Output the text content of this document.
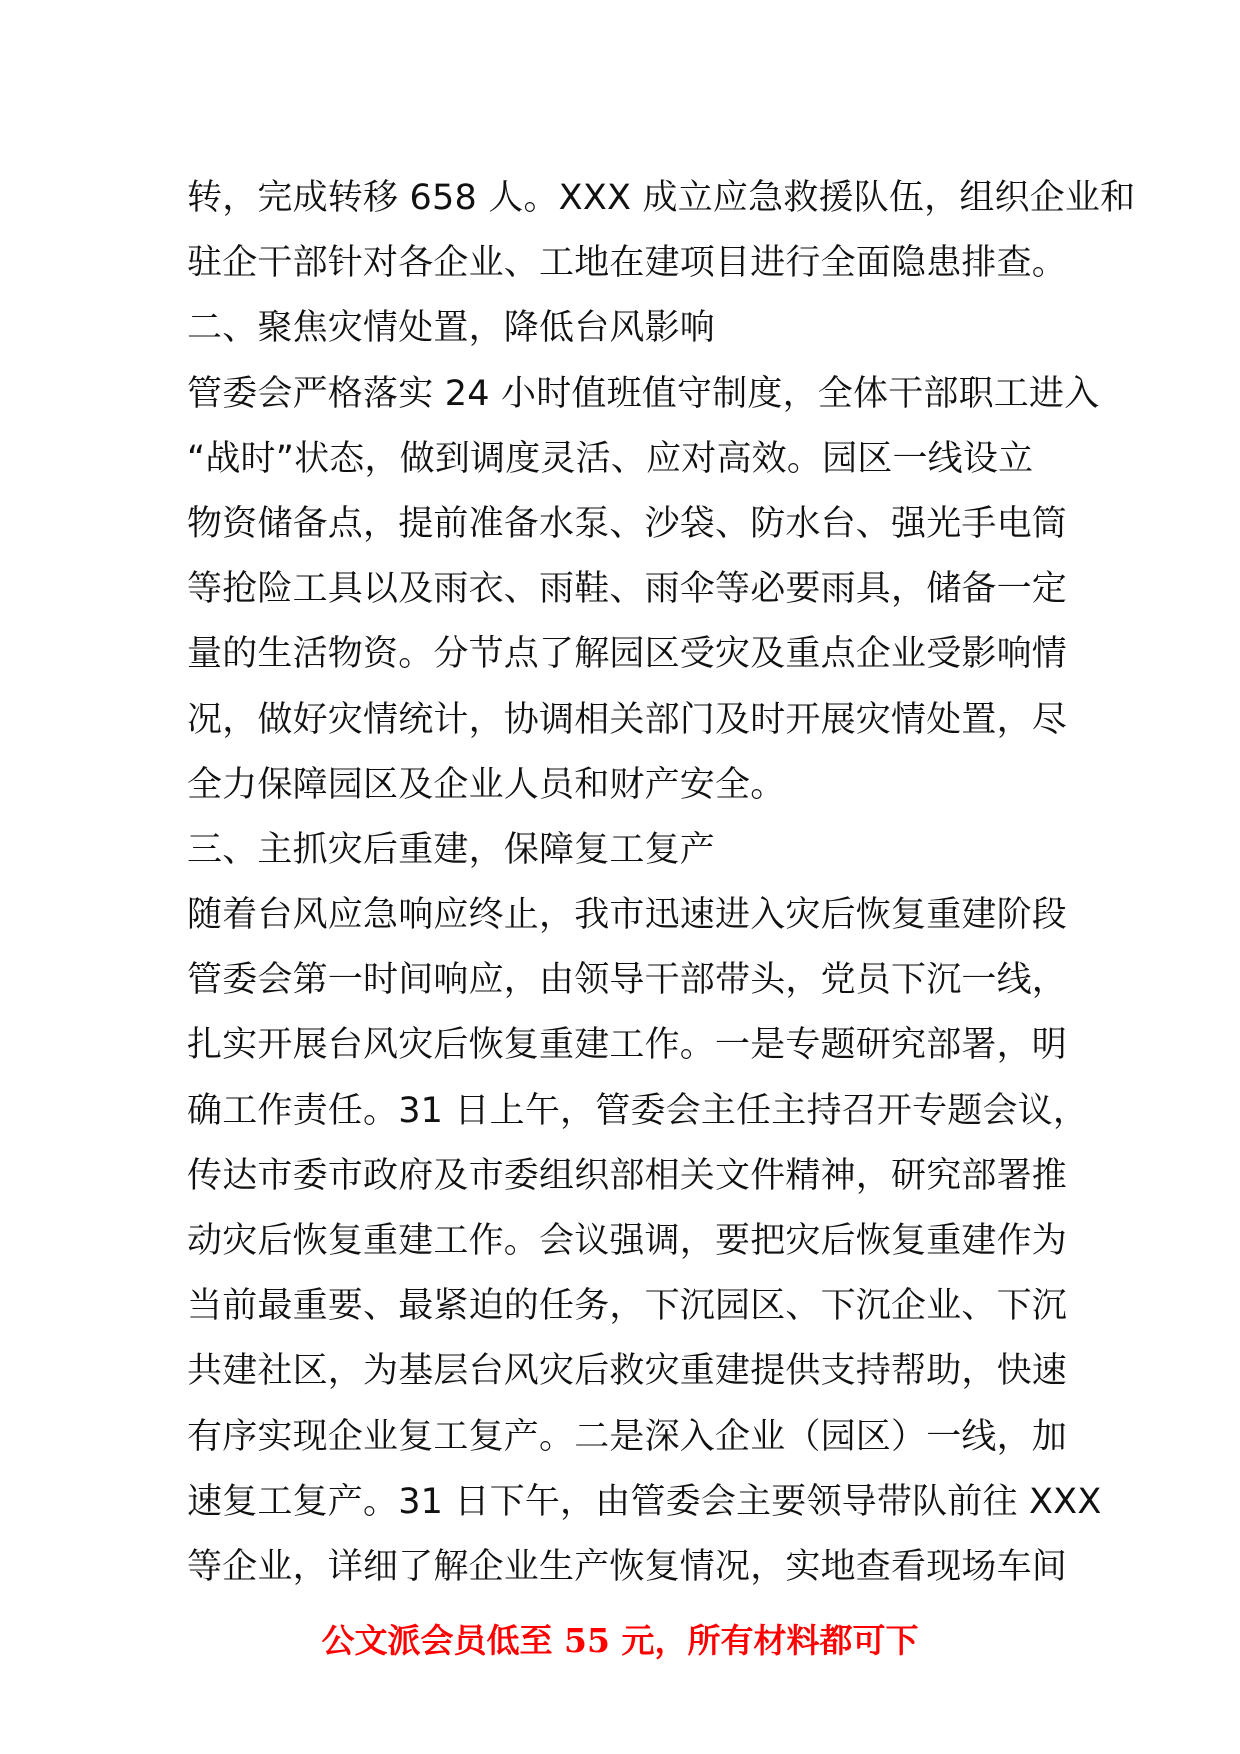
转，完成转移 658 人。XXX 成立应急救援队伍，组织企业和
驻企干部针对各企业、工地在建项目进行全面隐患排查。
二、聚焦灾情处置，降低台风影响
管委会严格落实 24 小时值班值守制度，全体干部职工进入
“战时”状态，做到调度灵活、应对高效。园区一线设立
物资储备点，提前准备水泵、沙袋、防水台、强光手电筒
等抢险工具以及雨衣、雨鞋、雨伞等必要雨具，储备一定
量的生活物资。分节点了解园区受灾及重点企业受影响情
况，做好灾情统计，协调相关部门及时开展灾情处置，尽
全力保障园区及企业人员和财产安全。
三、主抓灾后重建，保障复工复产
随着台风应急响应终止，我市迅速进入灾后恢复重建阶段
管委会第一时间响应，由领导干部带头，党员下沉一线，
扎实开展台风灾后恢复重建工作。一是专题研究部署，明
确工作责任。31 日上午，管委会主任主持召开专题会议，
传达市委市政府及市委组织部相关文件精神，研究部署推
动灾后恢复重建工作。会议强调，要把灾后恢复重建作为
当前最重要、最紧迫的任务，下沉园区、下沉企业、下沉
共建社区，为基层台风灾后救灾重建提供支持帮助，快速
有序实现企业复工复产。二是深入企业（园区）一线，加
速复工复产。31 日下午，由管委会主要领导带队前往 XXX
等企业，详细了解企业生产恢复情况，实地查看现场车间
公文派会员低至 55 元，所有材料都可下
